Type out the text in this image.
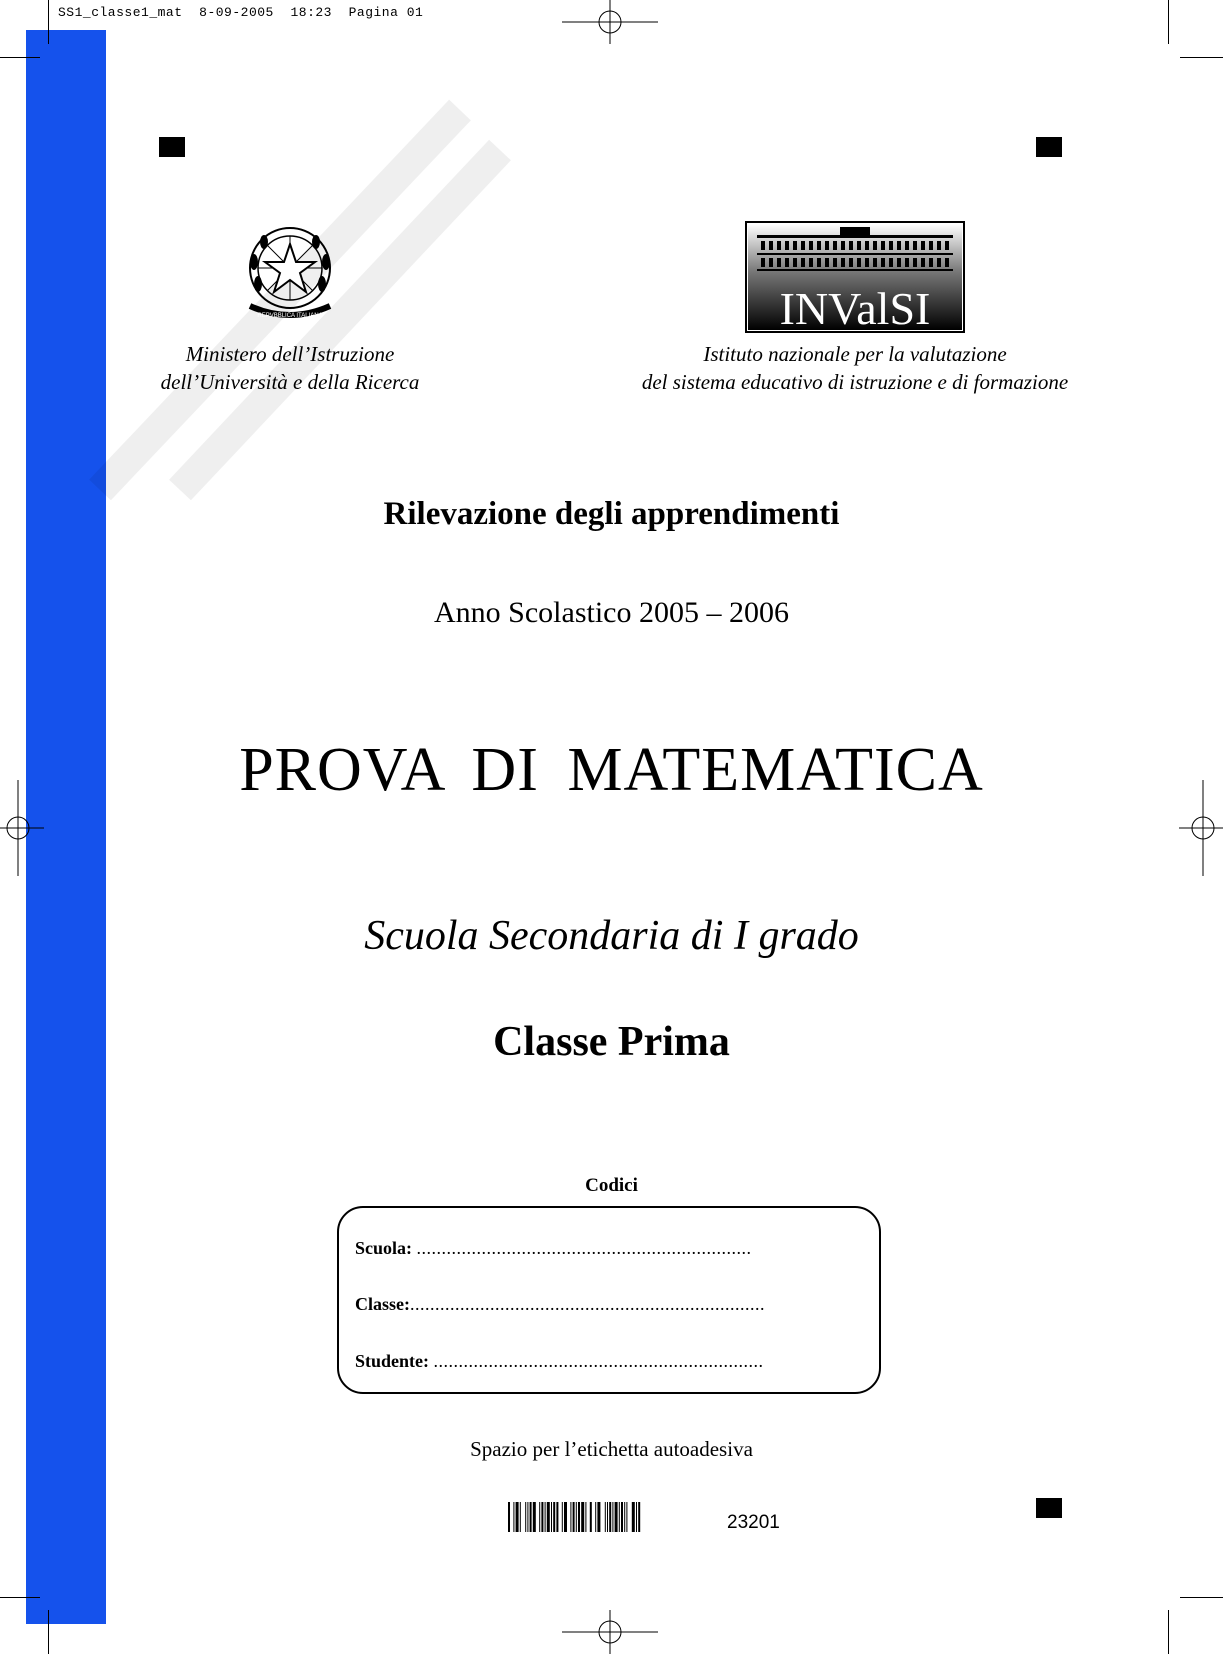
SS1_classe1_mat 8-09-2005 18:23 Pagina 01
REPVBBLICA ITALIANA
Ministero dell’Istruzione
dell’Università e della Ricerca
INValSI
Istituto nazionale per la valutazione
del sistema educativo di istruzione e di formazione
Rilevazione degli apprendimenti
Anno Scolastico 2005 – 2006
PROVA DI MATEMATICA
Scuola Secondaria di I grado
Classe Prima
Codici
Scuola: ...................................................................
Classe:.......................................................................
Studente: ..................................................................
Spazio per l’etichetta autoadesiva
23201
